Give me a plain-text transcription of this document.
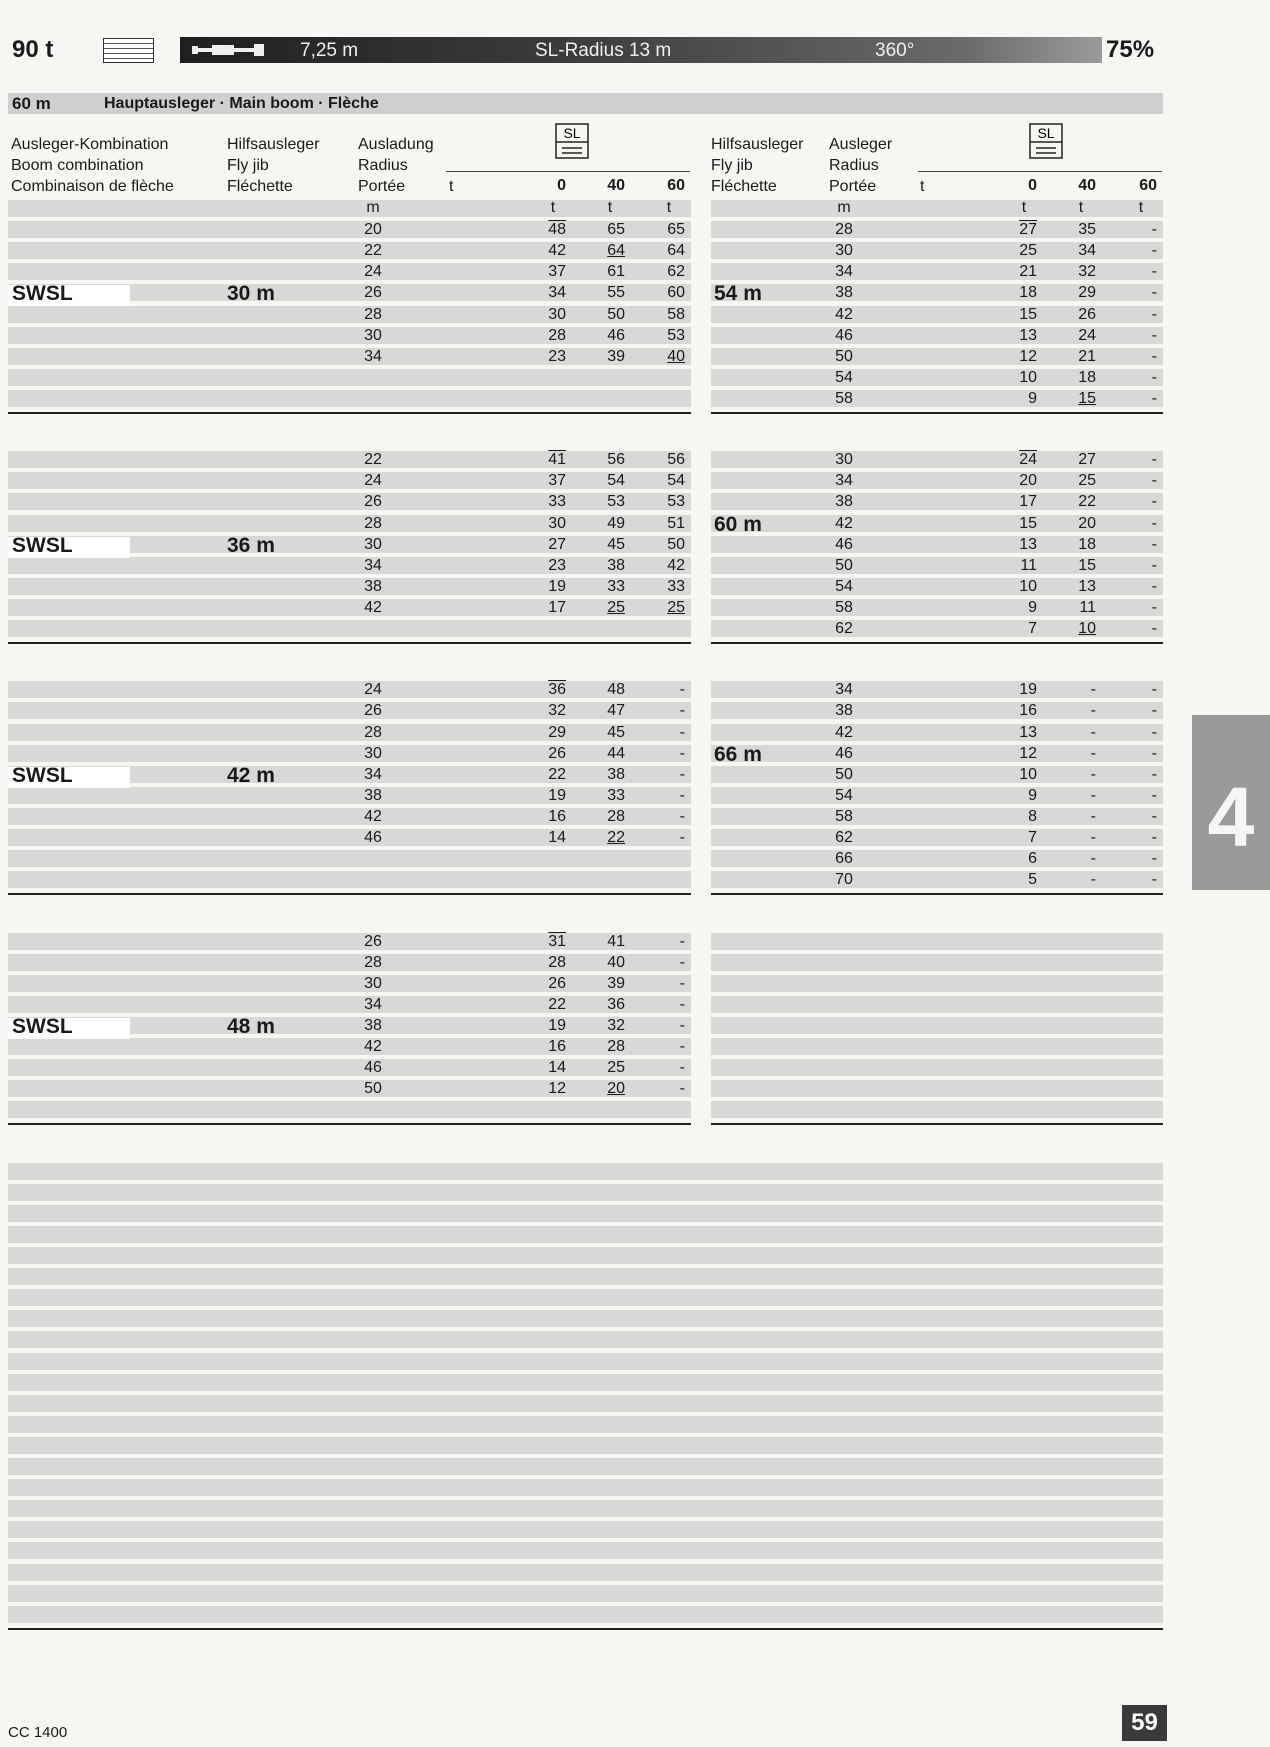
90 t	7,25 m	SL-Radius 13 m	360°	75%
60 m	Hauptausleger · Main boom · Flèche
Ausleger-Kombination
Boom combination
Combinaison de flèche
Hilfsausleger
Fly jib
Fléchette
Ausladung
Radius
Portée	t
SL
0	40	60
Hilfsausleger
Fly jib
Fléchette
Ausleger
Radius
Portée	t
SL
0	40	60
m	t	t	t	m	t	t	t
SWSL	30 m
20	48	65	65
22	42	64	64
24	37	61	62
26	34	55	60
28	30	50	58
30	28	46	53
34	23	39	40
SWSL	36 m
22	41	56	56
24	37	54	54
26	33	53	53
28	30	49	51
30	27	45	50
34	23	38	42
38	19	33	33
42	17	25	25
SWSL	42 m
24	36	48	-
26	32	47	-
28	29	45	-
30	26	44	-
34	22	38	-
38	19	33	-
42	16	28	-
46	14	22	-
SWSL	48 m
26	31	41	-
28	28	40	-
30	26	39	-
34	22	36	-
38	19	32	-
42	16	28	-
46	14	25	-
50	12	20	-
54 m
28	27	35	-
30	25	34	-
34	21	32	-
38	18	29	-
42	15	26	-
46	13	24	-
50	12	21	-
54	10	18	-
58	9	15	-
60 m
30	24	27	-
34	20	25	-
38	17	22	-
42	15	20	-
46	13	18	-
50	11	15	-
54	10	13	-
58	9	11	-
62	7	10	-
66 m
34	19	-	-
38	16	-	-
42	13	-	-
46	12	-	-
50	10	-	-
54	9	-	-
58	8	-	-
62	7	-	-
66	6	-	-
70	5	-	-
4
CC 1400	59
